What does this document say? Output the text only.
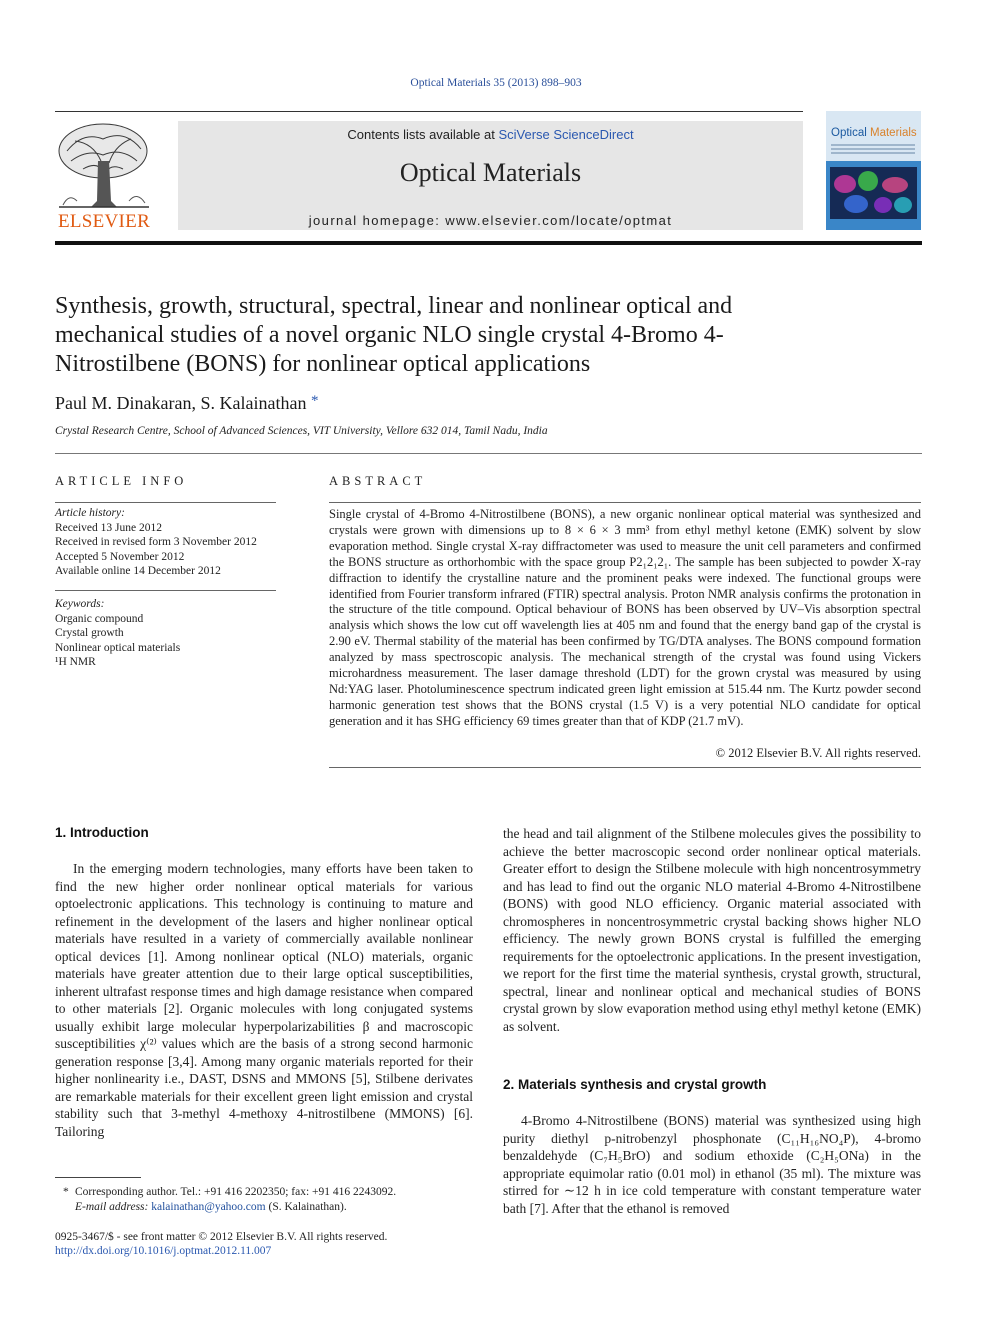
Optical Materials 35 (2013) 898–903
ELSEVIER
Contents lists available at SciVerse ScienceDirect
Optical Materials
journal homepage: www.elsevier.com/locate/optmat
Optical Materials
Synthesis, growth, structural, spectral, linear and nonlinear optical and mechanical studies of a novel organic NLO single crystal 4-Bromo 4-Nitrostilbene (BONS) for nonlinear optical applications
Paul M. Dinakaran, S. Kalainathan *
Crystal Research Centre, School of Advanced Sciences, VIT University, Vellore 632 014, Tamil Nadu, India
ARTICLE INFO
Article history:
Received 13 June 2012
Received in revised form 3 November 2012
Accepted 5 November 2012
Available online 14 December 2012
Keywords:
Organic compound
Crystal growth
Nonlinear optical materials
¹H NMR
ABSTRACT
Single crystal of 4-Bromo 4-Nitrostilbene (BONS), a new organic nonlinear optical material was synthesized and crystals were grown with dimensions up to 8 × 6 × 3 mm³ from ethyl methyl ketone (EMK) solvent by slow evaporation method. Single crystal X-ray diffractometer was used to measure the unit cell parameters and confirmed the BONS structure as orthorhombic with the space group P2₁2₁2₁. The sample has been subjected to powder X-ray diffraction to identify the crystalline nature and the prominent peaks were indexed. The functional groups were identified from Fourier transform infrared (FTIR) spectral analysis. Proton NMR analysis confirms the protonation in the structure of the title compound. Optical behaviour of BONS has been observed by UV–Vis absorption spectral analysis which shows the low cut off wavelength lies at 405 nm and found that the energy band gap of the crystal is 2.90 eV. Thermal stability of the material has been confirmed by TG/DTA analyses. The BONS compound formation analyzed by mass spectroscopic analysis. The mechanical strength of the crystal was found using Vickers microhardness measurement. The laser damage threshold (LDT) for the grown crystal was measured by using Nd:YAG laser. Photoluminescence spectrum indicated green light emission at 515.44 nm. The Kurtz powder second harmonic generation test shows that the BONS crystal (1.5 V) is a very potential NLO candidate for optical generation and it has SHG efficiency 69 times greater than that of KDP (21.7 mV).
© 2012 Elsevier B.V. All rights reserved.
1. Introduction
In the emerging modern technologies, many efforts have been taken to find the new higher order nonlinear optical materials for various optoelectronic applications. This technology is continuing to mature and refinement in the development of the lasers and higher nonlinear optical materials have resulted in a variety of commercially available nonlinear optical devices [1]. Among nonlinear optical (NLO) materials, organic materials have greater attention due to their large optical susceptibilities, inherent ultrafast response times and high damage resistance when compared to other materials [2]. Organic molecules with long conjugated systems usually exhibit large molecular hyperpolarizabilities β and macroscopic susceptibilities χ⁽²⁾ values which are the basis of a strong second harmonic generation response [3,4]. Among many organic materials reported for their higher nonlinearity i.e., DAST, DSNS and MMONS [5], Stilbene derivates are remarkable materials for their excellent green light emission and crystal stability such that 3-methyl 4-methoxy 4-nitrostilbene (MMONS) [6]. Tailoring
the head and tail alignment of the Stilbene molecules gives the possibility to achieve the better macroscopic second order nonlinear optical materials. Greater effort to design the Stilbene molecule with high noncentrosymmetry and has lead to find out the organic NLO material 4-Bromo 4-Nitrostilbene (BONS) with good NLO efficiency. Organic material associated with chromospheres in noncentrosymmetric crystal backing shows higher NLO efficiency. The newly grown BONS crystal is fulfilled the emerging requirements for the optoelectronic applications. In the present investigation, we report for the first time the material synthesis, crystal growth, structural, spectral, linear and nonlinear optical and mechanical studies of BONS crystal grown by slow evaporation method using ethyl methyl ketone (EMK) as solvent.
2. Materials synthesis and crystal growth
4-Bromo 4-Nitrostilbene (BONS) material was synthesized using high purity diethyl p-nitrobenzyl phosphonate (C₁₁H₁₆NO₄P), 4-bromo benzaldehyde (C₇H₅BrO) and sodium ethoxide (C₂H₅ONa) in the appropriate equimolar ratio (0.01 mol) in ethanol (35 ml). The mixture was stirred for ∼12 h in ice cold temperature with constant temperature water bath [7]. After that the ethanol is removed
* Corresponding author. Tel.: +91 416 2202350; fax: +91 416 2243092.
E-mail address: kalainathan@yahoo.com (S. Kalainathan).
0925-3467/$ - see front matter © 2012 Elsevier B.V. All rights reserved.
http://dx.doi.org/10.1016/j.optmat.2012.11.007
